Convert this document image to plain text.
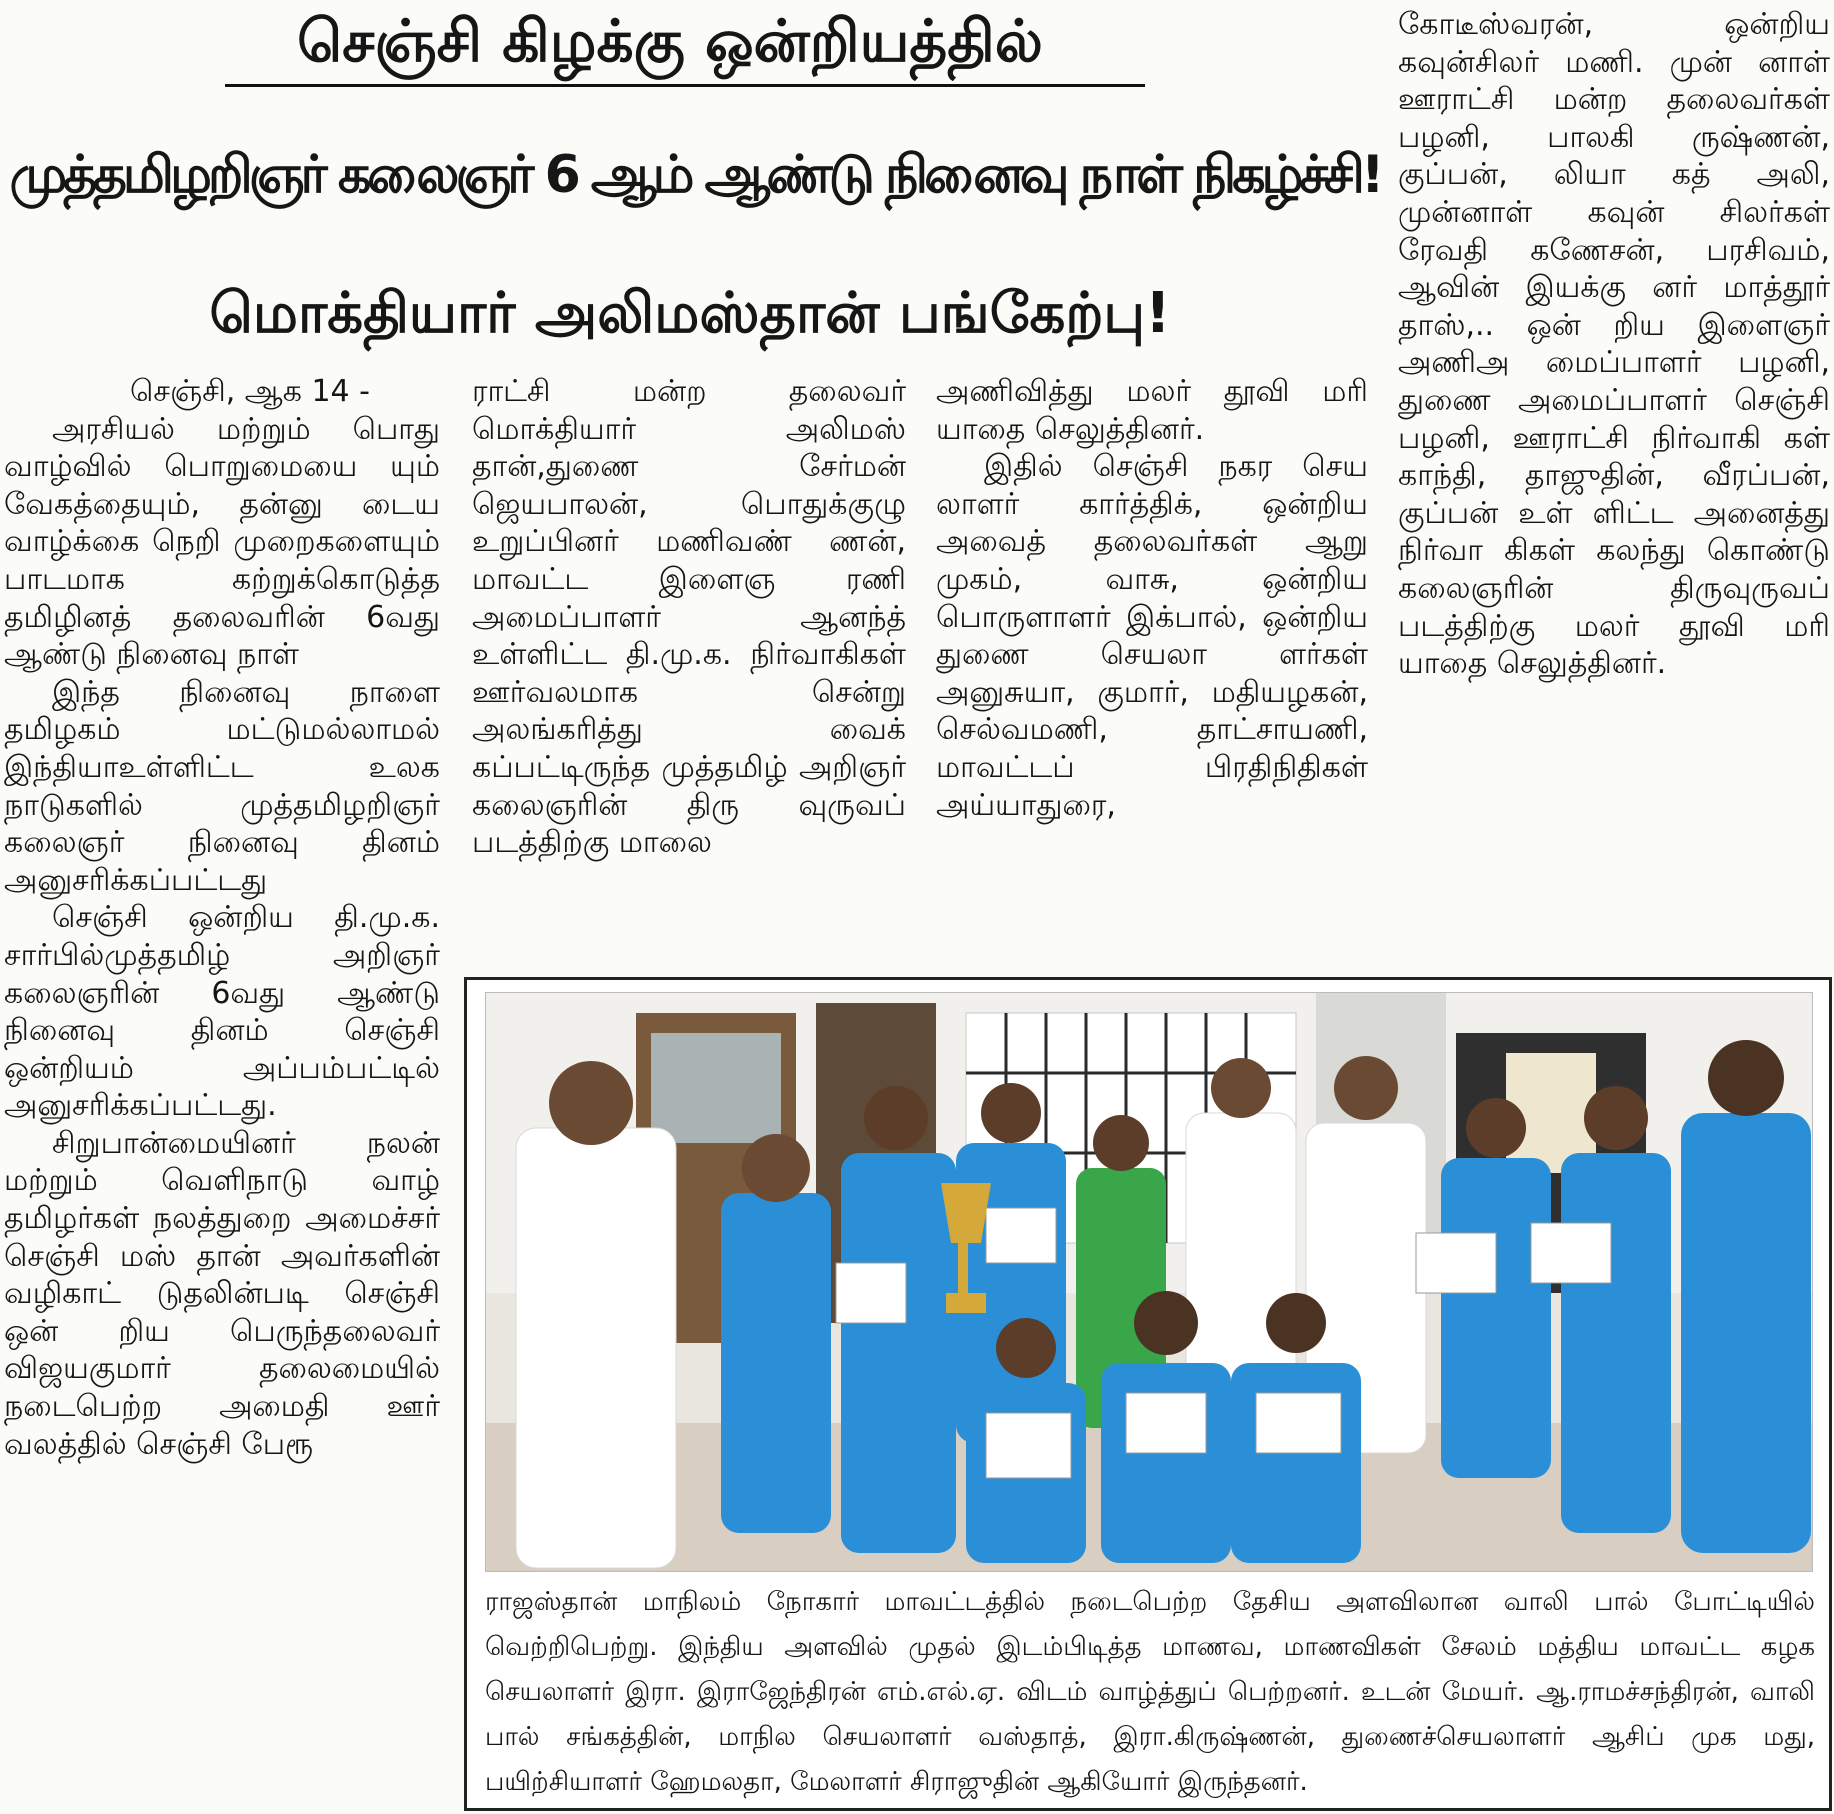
செஞ்சி கிழக்கு ஒன்றியத்தில்
முத்தமிழறிஞர் கலைஞர் 6 ஆம் ஆண்டு நினைவு நாள் நிகழ்ச்சி!
மொக்தியார் அலிமஸ்தான் பங்கேற்பு!

செஞ்சி, ஆக 14 -

அரசியல் மற்றும் பொது வாழ்வில் பொறுமையை யும் வேகத்தையும், தன்னு டைய வாழ்க்கை நெறி முறைகளையும் பாடமாக கற்றுக்கொடுத்த தமிழினத் தலைவரின் 6வது ஆண்டு நினைவு நாள்

இந்த நினைவு நாளை தமிழகம் மட்டுமல்லாமல் இந்தியாஉள்ளிட்ட உலக நாடுகளில் முத்தமிழறிஞர் கலைஞர் நினைவு தினம் அனுசரிக்கப்பட்டது

செஞ்சி ஒன்றிய தி.மு.க. சார்பில்முத்தமிழ் அறிஞர் கலைஞரின் 6வது ஆண்டு நினைவு தினம் செஞ்சி ஒன்றியம் அப்பம்பட்டில் அனுசரிக்கப்பட்டது.

சிறுபான்மையினர் நலன் மற்றும் வெளிநாடு வாழ் தமிழர்கள் நலத்துறை அமைச்சர் செஞ்சி மஸ் தான் அவர்களின் வழிகாட் டுதலின்படி செஞ்சி ஒன் றிய பெருந்தலைவர் விஜயகுமார் தலைமையில் நடைபெற்ற அமைதி ஊர் வலத்தில் செஞ்சி பேரூ

ராட்சி மன்ற தலைவர் மொக்தியார் அலிமஸ் தான்,துணை சேர்மன் ஜெயபாலன், பொதுக்குழு உறுப்பினர் மணிவண் ணன், மாவட்ட இளைஞ ரணி அமைப்பாளர் ஆனந்த் உள்ளிட்ட தி.மு.க. நிர்வாகிகள் ஊர்வலமாக சென்று அலங்கரித்து வைக் கப்பட்டிருந்த முத்தமிழ் அறிஞர் கலைஞரின் திரு வுருவப் படத்திற்கு மாலை

அணிவித்து மலர் தூவி மரி யாதை செலுத்தினர்.

இதில் செஞ்சி நகர செய லாளர் கார்த்திக், ஒன்றிய அவைத் தலைவர்கள் ஆறு முகம், வாசு, ஒன்றிய பொருளாளர் இக்பால், ஒன்றிய துணை செயலா ளர்கள் அனுசுயா, குமார், மதியழகன், செல்வமணி, தாட்சாயணி, மாவட்டப் பிரதிநிதிகள் அய்யாதுரை,

கோடீஸ்வரன், ஒன்றிய கவுன்சிலர் மணி. முன் னாள் ஊராட்சி மன்ற தலைவர்கள் பழனி, பாலகி ருஷ்ணன், குப்பன், லியா கத் அலி, முன்னாள் கவுன் சிலர்கள் ரேவதி கணேசன், பரசிவம், ஆவின் இயக்கு னர் மாத்தூர் தாஸ்,.. ஒன் றிய இளைஞர் அணிஅ மைப்பாளர் பழனி, துணை அமைப்பாளர் செஞ்சி பழனி, ஊராட்சி நிர்வாகி கள் காந்தி, தாஜுதின், வீரப்பன், குப்பன் உள் ளிட்ட அனைத்து நிர்வா கிகள் கலந்து கொண்டு கலைஞரின் திருவுருவப் படத்திற்கு மலர் தூவி மரி யாதை செலுத்தினர்.

ராஜஸ்தான் மாநிலம் நோகார் மாவட்டத்தில் நடைபெற்ற தேசிய அளவிலான வாலி பால் போட்டியில் வெற்றிபெற்று. இந்திய அளவில் முதல் இடம்பிடித்த மாணவ, மாணவிகள் சேலம் மத்திய மாவட்ட கழக செயலாளர் இரா. இராஜேந்திரன் எம்.எல்.ஏ. விடம் வாழ்த்துப் பெற்றனர். உடன் மேயர். ஆ.ராமச்சந்திரன், வாலி பால் சங்கத்தின், மாநில செயலாளர் வஸ்தாத், இரா.கிருஷ்ணன், துணைச்செயலாளர் ஆசிப் முக மது, பயிற்சியாளர் ஹேமலதா, மேலாளர் சிராஜுதின் ஆகியோர் இருந்தனர்.
